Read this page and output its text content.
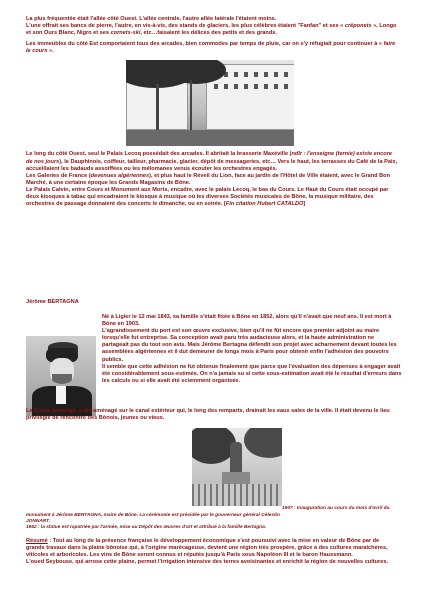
La plus fréquentée était l'allée côté Ouest. L'allée centrale, l'autre allée latérale l'étaient moins.
L'une offrait ses bancs de pierre, l'autre, en vis-à-vis, des stands de glaciers, les plus célèbres étaient "Fanfan" et ses « crêponets », Longo et son Ours Blanc, Nigro et ses cornets-ski, etc…faisaient les délices des petits et des grands.

Les immeubles du côté Est comportaient tous des arcades, bien commodes par temps de pluie, car on s'y réfugiait pour continuer à « faire le cours ».

Le long du côté Ouest, seul le Palais Lecoq possédait des arcades. Il abritait la brasserie Maxéville (ndlr : l'enseigne (ternie) existe encore de nos jours), le Dauphinois, coiffeur, tailleur, pharmacie, glacier, dépôt de messageries, etc… Vers le haut, les terrasses du Café de la Paix, accueillaient les badauds assoiffées ou les mélomanes venus écouter les orchestres engagés.
Les Galeries de France (devenues algériennes), et plus haut le Réveil du Lion, face au jardin de l'Hôtel de Ville étaient, avec le Grand Bon Marché, à une certaine époque les Grands Magasins de Bône.
Le Palais Calvin, entre Cours et Monument aux Morts, encadre, avec le palais Lecoq, le bas du Cours. Le Haut du Cours était occupé par deux kiosques à tabac qui encadraient le kiosque à musique où les diverses Sociétés musicales de Bône, la musique militaire, des orchestres de passage donnaient des concerts le dimanche, ou en soirée. [Fin citation Hubert CATALDO]

Jérôme BERTAGNA

Né à Ligier le 12 mai 1843, sa famille s'était fixée à Bône en 1852, alors qu'il n'avait que neuf ans. Il est mort à Bône en 1903.

L'agrandissement du port est son œuvre exclusive, bien qu'il ne fût encore que premier adjoint au maire lorsqu'elle fut entreprise. Sa conception avait paru très audacieuse alors, et la haute administration ne partageait pas du tout son avis. Mais Jérôme Bertagna défendit son projet avec acharnement devant toutes les assemblées algériennes et il dut demeurer de longs mois à Paris pour obtenir enfin l'adhésion des pouvoirs publics.

Il semble que cette adhésion ne fut obtenue finalement que parce que l'évaluation des dépenses à engager avait été considérablement sous-estimée. On n'a jamais su si cette sous-estimation avait été le résultat d'erreurs dans les calculs ou si elle avait été sciemment organisée.

Le Cours prolongé, a été aménagé sur le canal extérieur qui, le long des remparts, drainait les eaux sales de la ville. Il était devenu le lieu privilégié de rencontre des Bônois, jeunes ou vieux.

1907 : Inauguration au cours du mois d'avril du
monument à Jérôme BERTAGNA, maire de Bône. La cérémonie est présidée par le gouverneur général Célestin JONNART.
1962 : la statue est rapatriée par l'armée, mise au Dépôt des œuvres d'art et attribué à la famille Bertagna.

Résumé : Tout au long de la présence française le développement économique s'est poursuivi avec la mise en valeur de Bône par de grands travaux dans la plaine bônoise qui, à l'origine marécageuse, devient une région très prospère, grâce à des cultures maraîchères, viticoles et arboricoles. Les vins de Bône seront connus et réputés jusqu'à Paris sous Napoléon III et le baron Haussmann.
L'oued Seybouse, qui arrose cette plaine, permet l'irrigation intensive des terres avoisinantes et enrichit la région de nouvelles cultures.
